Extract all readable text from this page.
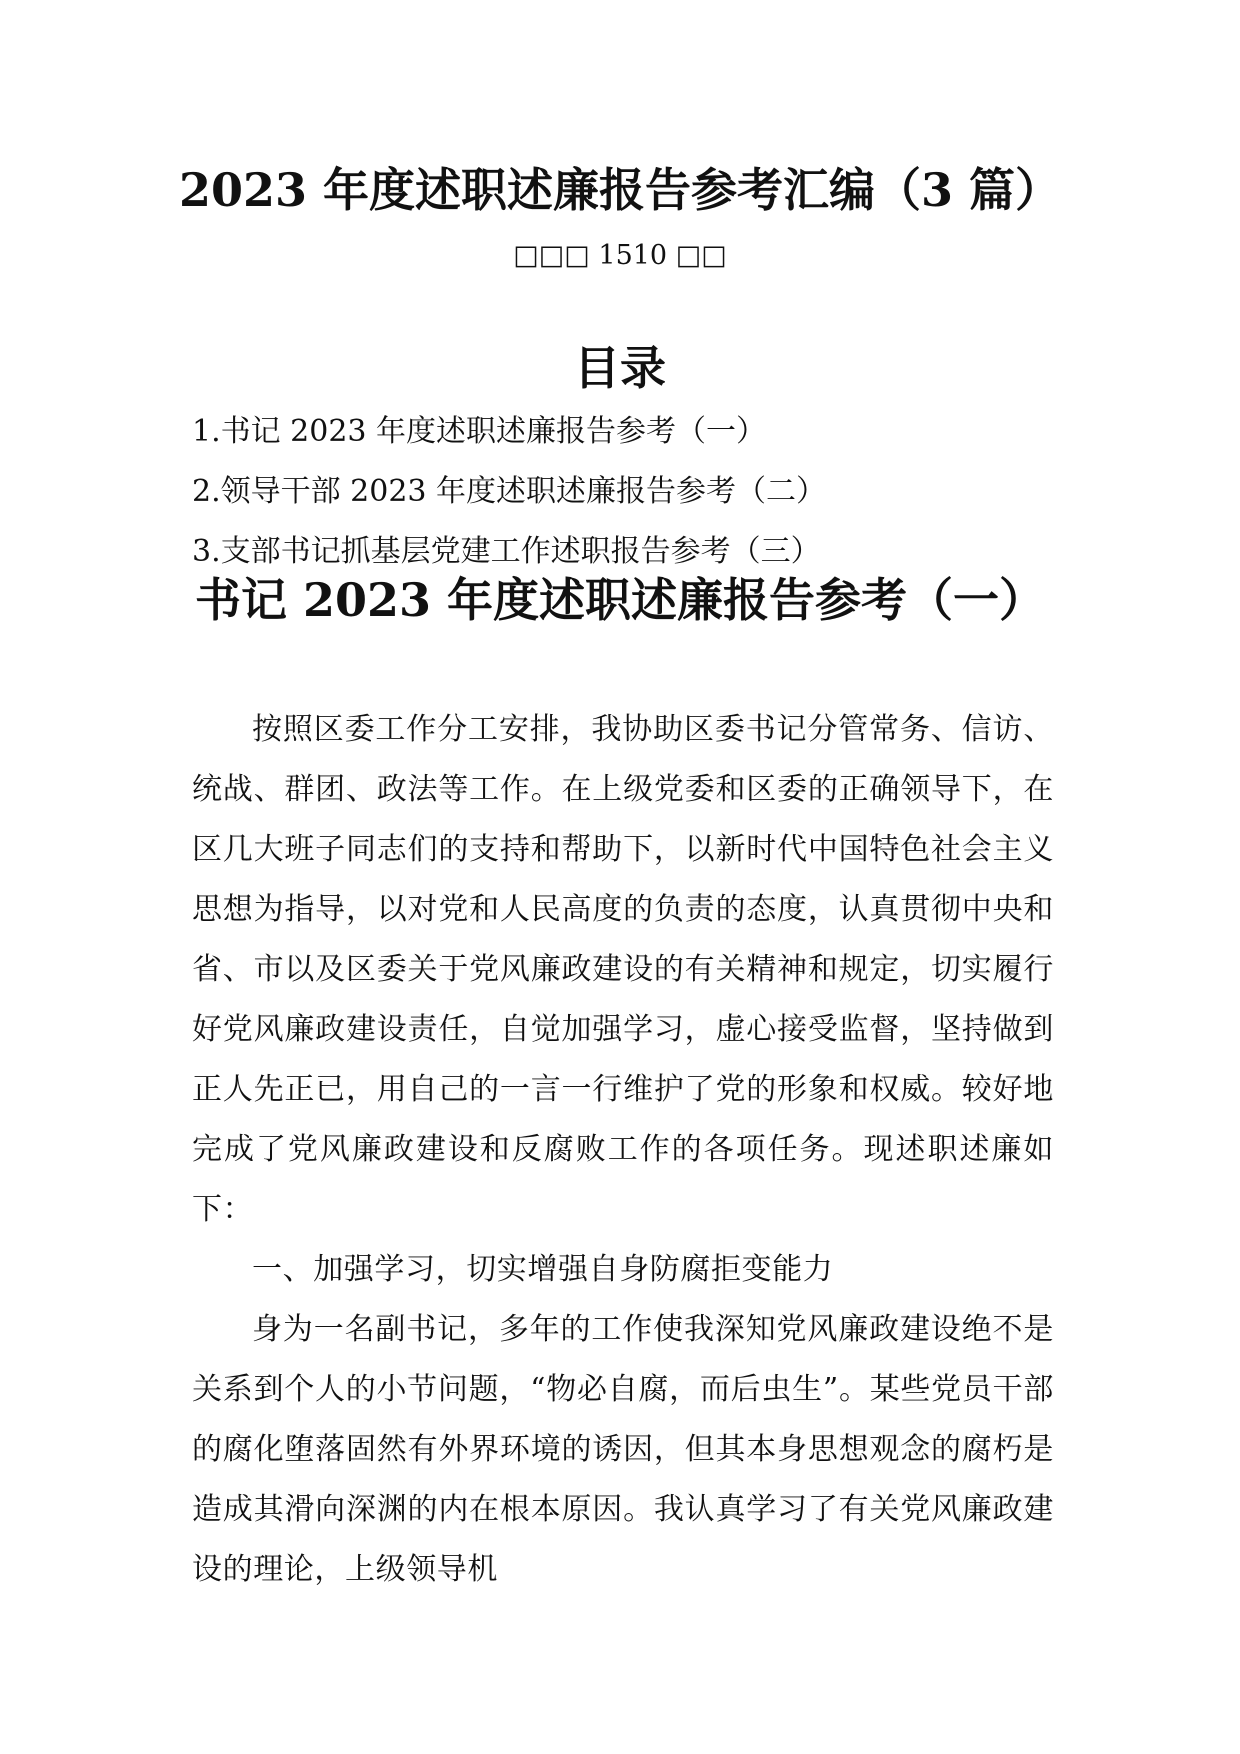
2023 年度述职述廉报告参考汇编（3 篇）
□□□ 1510 □□
目录
1.书记 2023 年度述职述廉报告参考（一）
2.领导干部 2023 年度述职述廉报告参考（二）
3.支部书记抓基层党建工作述职报告参考（三）
书记 2023 年度述职述廉报告参考（一）

按照区委工作分工安排，我协助区委书记分管常务、信访、统战、群团、政法等工作。在上级党委和区委的正确领导下，在区几大班子同志们的支持和帮助下，以新时代中国特色社会主义思想为指导，以对党和人民高度的负责的态度，认真贯彻中央和省、市以及区委关于党风廉政建设的有关精神和规定，切实履行好党风廉政建设责任，自觉加强学习，虚心接受监督，坚持做到正人先正已，用自己的一言一行维护了党的形象和权威。较好地完成了党风廉政建设和反腐败工作的各项任务。现述职述廉如下：

一、加强学习，切实增强自身防腐拒变能力

身为一名副书记，多年的工作使我深知党风廉政建设绝不是关系到个人的小节问题，“物必自腐，而后虫生”。某些党员干部的腐化堕落固然有外界环境的诱因，但其本身思想观念的腐朽是造成其滑向深渊的内在根本原因。我认真学习了有关党风廉政建设的理论，上级领导机
